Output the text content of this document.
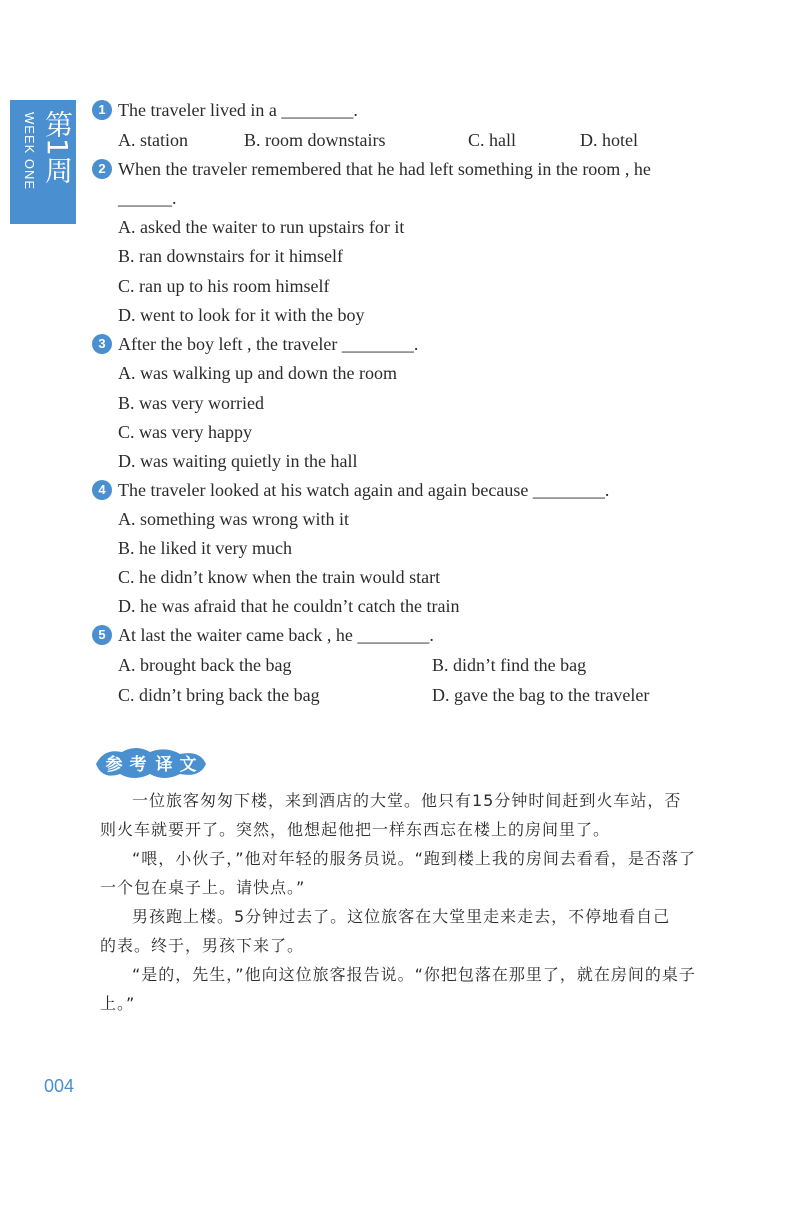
WEEK ONE 第1周
1 The traveler lived in a ________.
A. station	B. room downstairs	C. hall	D. hotel
2 When the traveler remembered that he had left something in the room , he
______.
A. asked the waiter to run upstairs for it
B. ran downstairs for it himself
C. ran up to his room himself
D. went to look for it with the boy
3 After the boy left , the traveler ________.
A. was walking up and down the room
B. was very worried
C. was very happy
D. was waiting quietly in the hall
4 The traveler looked at his watch again and again because ________.
A. something was wrong with it
B. he liked it very much
C. he didn’t know when the train would start
D. he was afraid that he couldn’t catch the train
5 At last the waiter came back , he ________.
A. brought back the bag	B. didn’t find the bag
C. didn’t bring back the bag	D. gave the bag to the traveler
参 考 译 文
一位旅客匆匆下楼，来到酒店的大堂。他只有15分钟时间赶到火车站，否
则火车就要开了。突然，他想起他把一样东西忘在楼上的房间里了。
“喂，小伙子，”他对年轻的服务员说。“跑到楼上我的房间去看看，是否落了
一个包在桌子上。请快点。”
男孩跑上楼。5分钟过去了。这位旅客在大堂里走来走去，不停地看自己
的表。终于，男孩下来了。
“是的，先生，”他向这位旅客报告说。“你把包落在那里了，就在房间的桌子上。”
004
